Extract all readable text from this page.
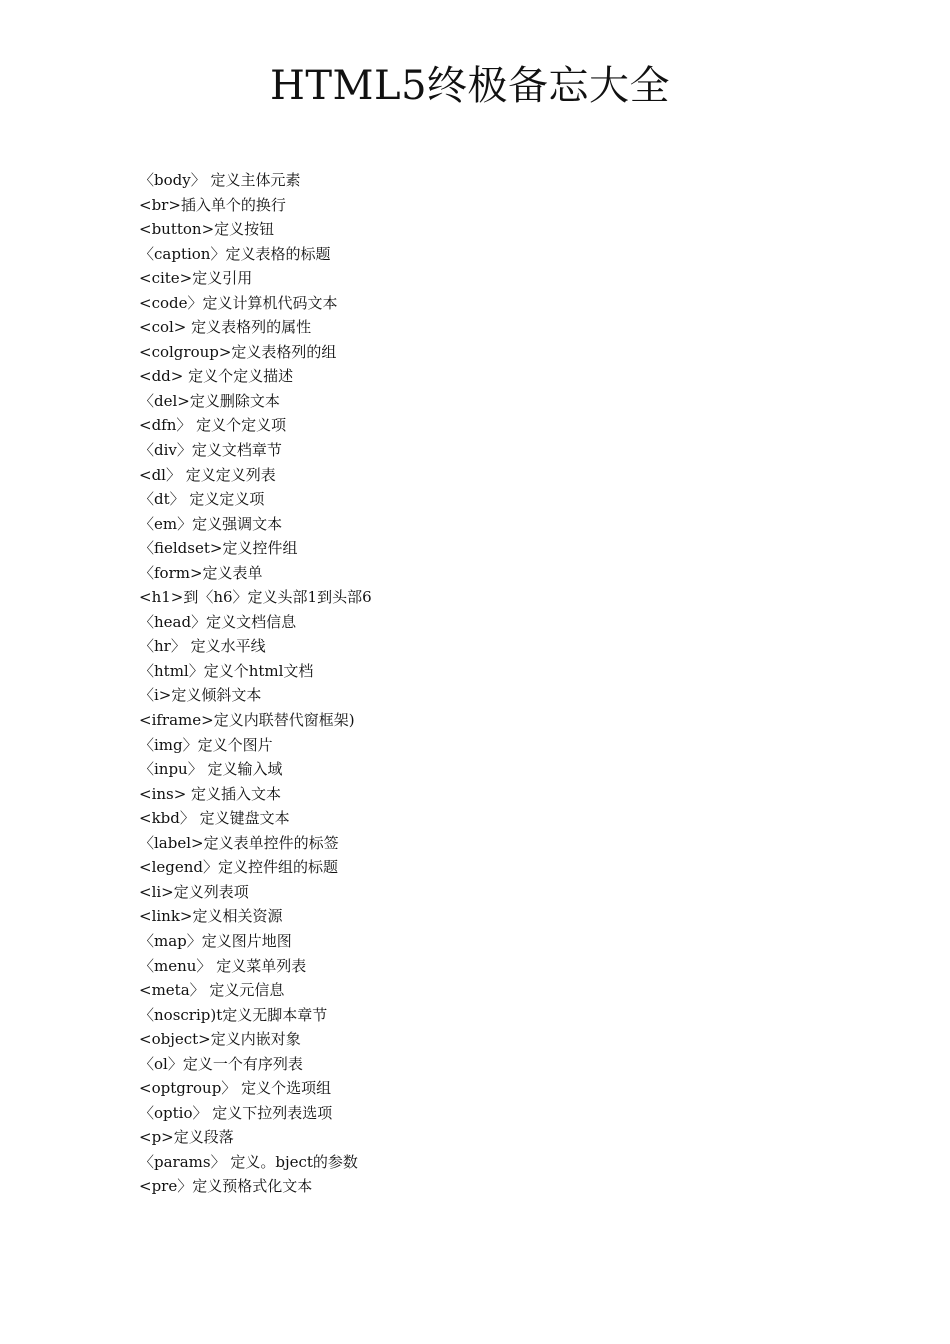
HTML5终极备忘大全
〈body〉 定义主体元素
<br>插入单个的换行
<button>定义按钮
〈caption〉定义表格的标题
<cite>定义引用
<code〉定义计算机代码文本
<col> 定义表格列的属性
<colgroup>定义表格列的组
<dd> 定义个定义描述
〈del>定义删除文本
<dfn〉 定义个定义项
〈div〉定义文档章节
<dl〉 定义定义列表
〈dt〉 定义定义项
〈em〉定义强调文本
〈fieldset>定义控件组
〈form>定义表单
<h1>到〈h6〉定义头部1到头部6
〈head〉定义文档信息
〈hr〉 定义水平线
〈html〉定义个html文档
〈i>定义倾斜文本
<iframe>定义内联替代窗框架)
〈img〉定义个图片
〈inpu〉 定义输入域
<ins> 定义插入文本
<kbd〉 定义键盘文本
〈label>定义表单控件的标签
<legend〉定义控件组的标题
<li>定义列表项
<link>定义相关资源
〈map〉定义图片地图
〈menu〉 定义菜单列表
<meta〉 定义元信息
〈noscrip)t定义无脚本章节
<object>定义内嵌对象
〈ol〉定义一个有序列表
<optgroup〉 定义个选项组
〈optio〉 定义下拉列表选项
<p>定义段落
〈params〉 定义。bject的参数
<pre〉定义预格式化文本
